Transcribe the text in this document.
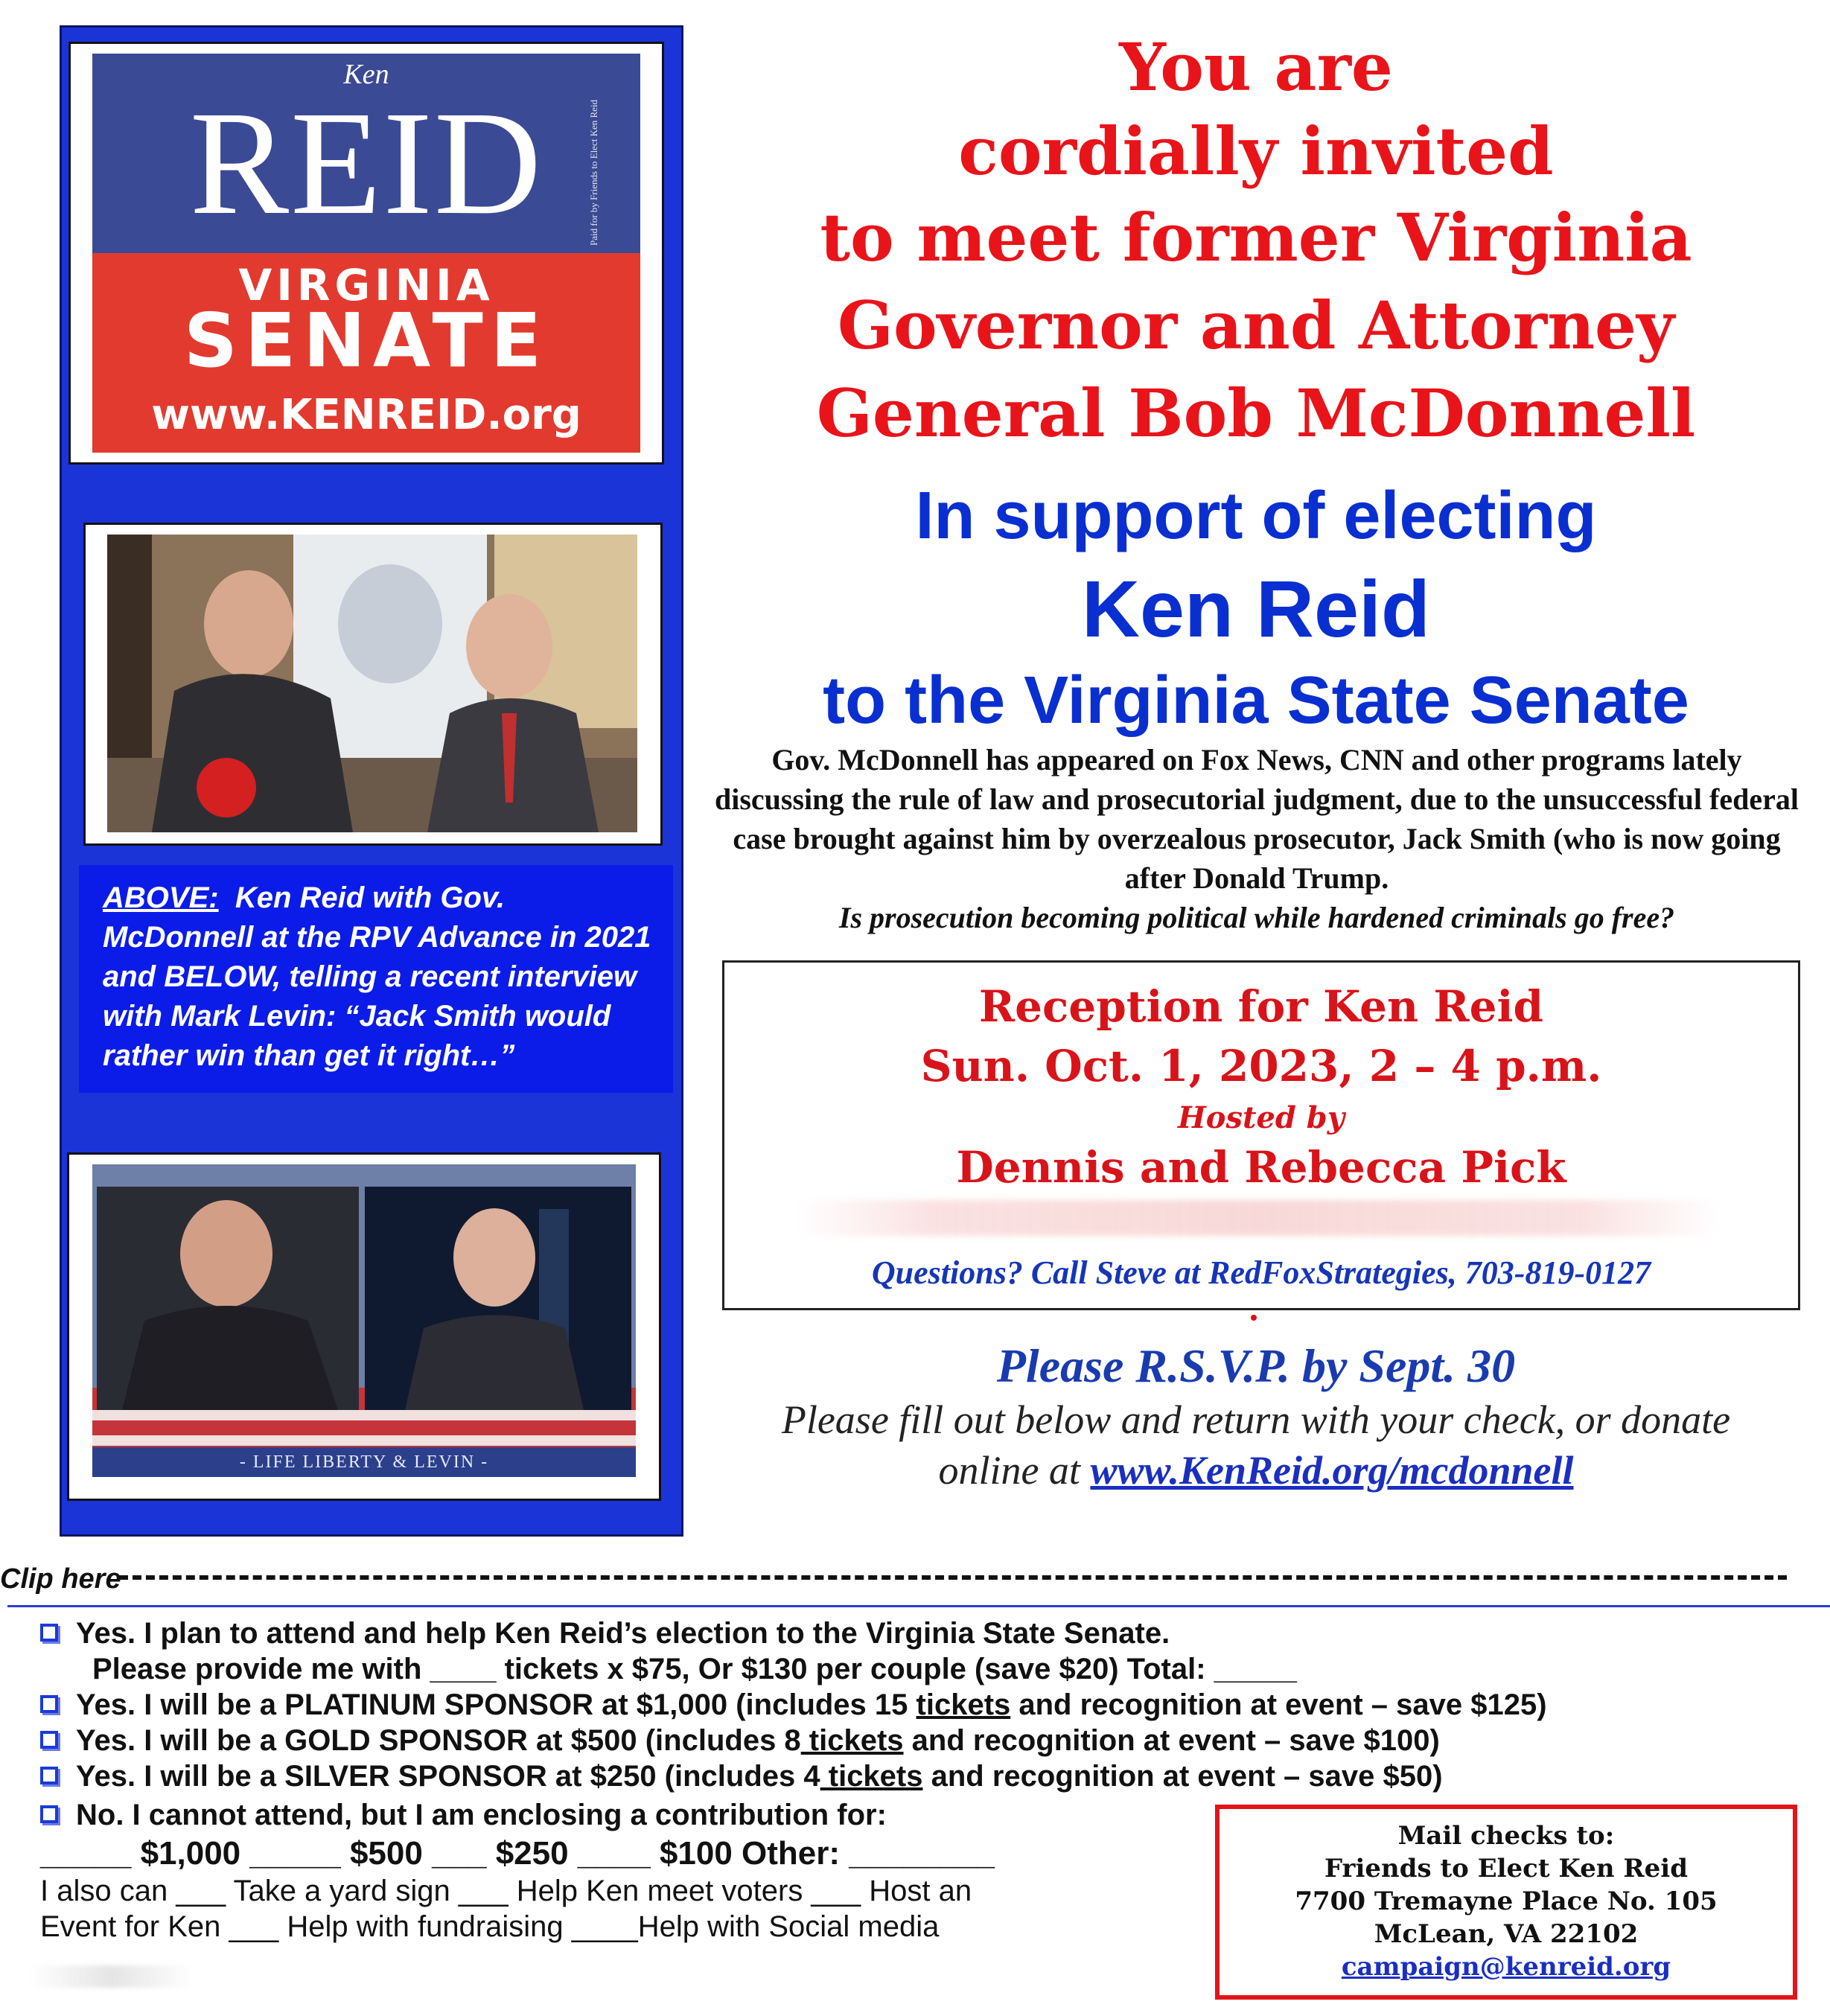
Ken
REID
VIRGINIA
SENATE
www.KENREID.org
Paid for by Friends to Elect Ken Reid
ABOVE: Ken Reid with Gov. McDonnell at the RPV Advance in 2021 and BELOW, telling a recent interview with Mark Levin: “Jack Smith would rather win than get it right…”
- LIFE LIBERTY & LEVIN -
You are
cordially invited
to meet former Virginia
Governor and Attorney
General Bob McDonnell
In support of electing
Ken Reid
to the Virginia State Senate
Gov. McDonnell has appeared on Fox News, CNN and other programs lately discussing the rule of law and prosecutorial judgment, due to the unsuccessful federal case brought against him by overzealous prosecutor, Jack Smith (who is now going after Donald Trump.
Is prosecution becoming political while hardened criminals go free?
Reception for Ken Reid
Sun. Oct. 1, 2023, 2 – 4 p.m.
Hosted by
Dennis and Rebecca Pick
Questions? Call Steve at RedFoxStrategies, 703-819-0127
Please R.S.V.P. by Sept. 30
Please fill out below and return with your check, or donate
online at www.KenReid.org/mcdonnell
Clip here
Yes. I plan to attend and help Ken Reid’s election to the Virginia State Senate.
Please provide me with ____ tickets x $75, Or $130 per couple (save $20) Total: _____
Yes. I will be a PLATINUM SPONSOR at $1,000 (includes 15 tickets and recognition at event – save $125)
Yes. I will be a GOLD SPONSOR at $500 (includes 8 tickets and recognition at event – save $100)
Yes. I will be a SILVER SPONSOR at $250 (includes 4 tickets and recognition at event – save $50)
No. I cannot attend, but I am enclosing a contribution for:
_____ $1,000 _____ $500 ___ $250 ____ $100 Other: ________
I also can ___ Take a yard sign ___ Help Ken meet voters ___ Host an
Event for Ken ___ Help with fundraising ____Help with Social media
Mail checks to:
Friends to Elect Ken Reid
7700 Tremayne Place No. 105
McLean, VA 22102
campaign@kenreid.org
